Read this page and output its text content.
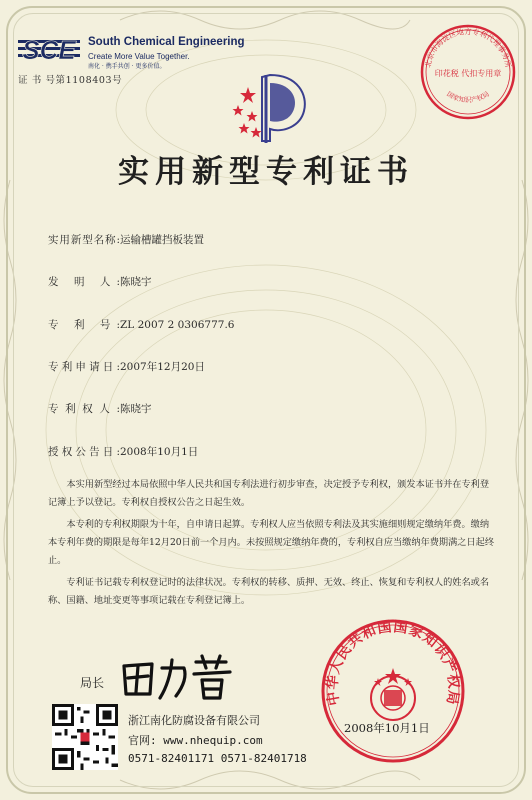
SCE South Chemical Engineering
Create More Value Together.
南化 · 携手共创 · 更多价值。
证 书 号第1108403号
北京市海淀区地方专利代理事务所
印花税 代扣专用章
国家知识产权局
实用新型专利证书
实用新型名称:运输槽罐挡板装置
发 明 人:陈晓宇
专 利 号:ZL 2007 2 0306777.6
专利申请日:2007年12月20日
专利权人:陈晓宇
授权公告日:2008年10月1日

本实用新型经过本局依照中华人民共和国专利法进行初步审查，决定授予专利权，颁发本证书并在专利登记簿上予以登记。专利权自授权公告之日起生效。

本专利的专利权期限为十年，自申请日起算。专利权人应当依照专利法及其实施细则规定缴纳年费。缴纳本专利年费的期限是每年12月20日前一个月内。未按照规定缴纳年费的，专利权自应当缴纳年费期满之日起终止。

专利证书记载专利权登记时的法律状况。专利权的转移、质押、无效、终止、恢复和专利权人的姓名或名称、国籍、地址变更等事项记载在专利登记簿上。

局长
中华人民共和国国家知识产权局
2008年10月1日
浙江南化防腐设备有限公司
官网: www.nhequip.com
0571-82401171 0571-82401718
